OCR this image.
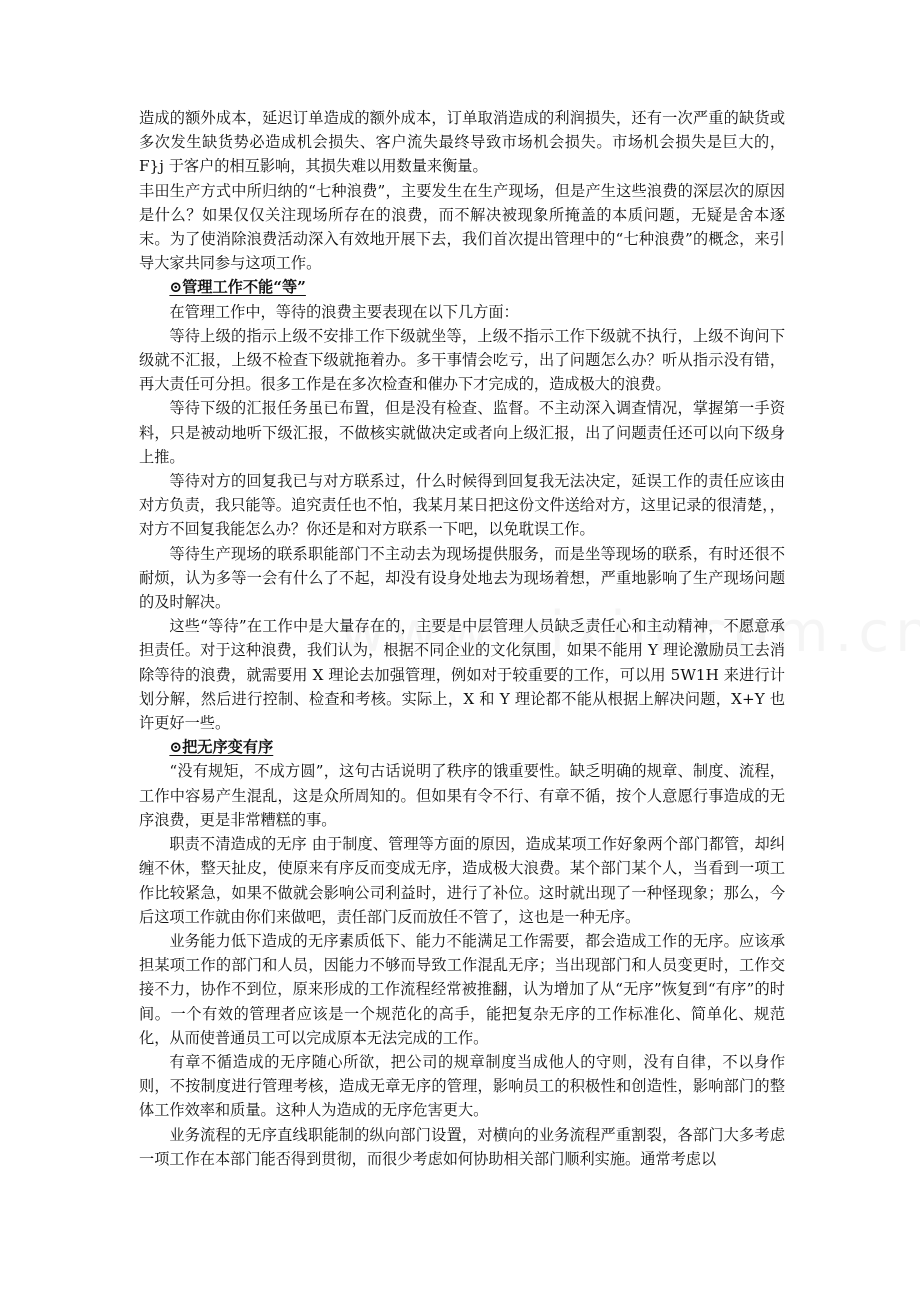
造成的额外成本，延迟订单造成的额外成本，订单取消造成的利润损失，还有一次严重的缺货或多次发生缺货势必造成机会损失、客户流失最终导致市场机会损失。市场机会损失是巨大的，F}j 于客户的相互影响，其损失难以用数量来衡量。

丰田生产方式中所归纳的“七种浪费”，主要发生在生产现场，但是产生这些浪费的深层次的原因是什么？如果仅仅关注现场所存在的浪费，而不解决被现象所掩盖的本质问题，无疑是舍本逐末。为了使消除浪费活动深入有效地开展下去，我们首次提出管理中的“七种浪费”的概念，来引导大家共同参与这项工作。

⊙管理工作不能“等”

在管理工作中，等待的浪费主要表现在以下几方面：

等待上级的指示上级不安排工作下级就坐等，上级不指示工作下级就不执行，上级不询问下级就不汇报，上级不检查下级就拖着办。多干事情会吃亏，出了问题怎么办？听从指示没有错，再大责任可分担。很多工作是在多次检查和催办下才完成的，造成极大的浪费。

等待下级的汇报任务虽已布置，但是没有检查、监督。不主动深入调查情况，掌握第一手资料，只是被动地听下级汇报，不做核实就做决定或者向上级汇报，出了问题责任还可以向下级身上推。

等待对方的回复我已与对方联系过，什么时候得到回复我无法决定，延误工作的责任应该由对方负责，我只能等。追究责任也不怕，我某月某日把这份文件送给对方，这里记录的很清楚，，对方不回复我能怎么办？你还是和对方联系一下吧，以免耽误工作。

等待生产现场的联系职能部门不主动去为现场提供服务，而是坐等现场的联系，有时还很不耐烦，认为多等一会有什么了不起，却没有设身处地去为现场着想，严重地影响了生产现场问题的及时解决。

这些“等待”在工作中是大量存在的，主要是中层管理人员缺乏责任心和主动精神，不愿意承担责任。对于这种浪费，我们认为，根据不同企业的文化氛围，如果不能用 Y 理论激励员工去消除等待的浪费，就需要用 X 理论去加强管理，例如对于较重要的工作，可以用 5W1H 来进行计划分解，然后进行控制、检查和考核。实际上，X 和 Y 理论都不能从根据上解决问题，X+Y 也许更好一些。

⊙把无序变有序

“没有规矩，不成方圆”，这句古话说明了秩序的饿重要性。缺乏明确的规章、制度、流程，工作中容易产生混乱，这是众所周知的。但如果有令不行、有章不循，按个人意愿行事造成的无序浪费，更是非常糟糕的事。

职责不清造成的无序 由于制度、管理等方面的原因，造成某项工作好象两个部门都管，却纠缠不休，整天扯皮，使原来有序反而变成无序，造成极大浪费。某个部门某个人，当看到一项工作比较紧急，如果不做就会影响公司利益时，进行了补位。这时就出现了一种怪现象；那么，今后这项工作就由你们来做吧，责任部门反而放任不管了，这也是一种无序。

业务能力低下造成的无序素质低下、能力不能满足工作需要，都会造成工作的无序。应该承担某项工作的部门和人员，因能力不够而导致工作混乱无序；当出现部门和人员变更时，工作交接不力，协作不到位，原来形成的工作流程经常被推翻，认为增加了从“无序”恢复到“有序”的时间。一个有效的管理者应该是一个规范化的高手，能把复杂无序的工作标准化、简单化、规范化，从而使普通员工可以完成原本无法完成的工作。

有章不循造成的无序随心所欲，把公司的规章制度当成他人的守则，没有自律，不以身作则，不按制度进行管理考核，造成无章无序的管理，影响员工的积极性和创造性，影响部门的整体工作效率和质量。这种人为造成的无序危害更大。

业务流程的无序直线职能制的纵向部门设置，对横向的业务流程严重割裂，各部门大多考虑一项工作在本部门能否得到贯彻，而很少考虑如何协助相关部门顺利实施。通常考虑以
